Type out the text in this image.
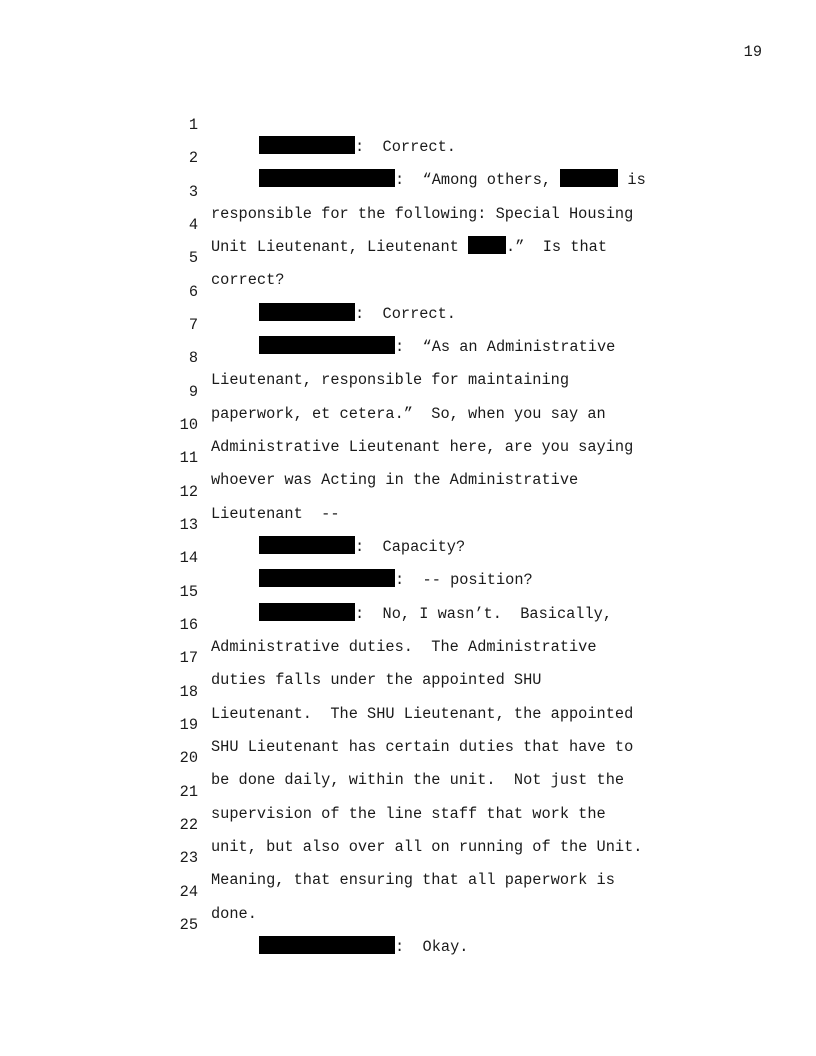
19

1

:  Correct.

2

:  “Among others,	is

3

responsible for the following: Special Housing

4

Unit Lieutenant, Lieutenant .”  Is that

5

correct?

6

:  Correct.

7

:  “As an Administrative

8

Lieutenant, responsible for maintaining

9

paperwork, et cetera.”  So, when you say an

10

Administrative Lieutenant here, are you saying

11

whoever was Acting in the Administrative

12

Lieutenant  --

13

:  Capacity?

14

:  -- position?

15

:  No, I wasn’t.  Basically,

16

Administrative duties.  The Administrative

17

duties falls under the appointed SHU

18

Lieutenant.  The SHU Lieutenant, the appointed

19

SHU Lieutenant has certain duties that have to

20

be done daily, within the unit.  Not just the

21

supervision of the line staff that work the

22

unit, but also over all on running of the Unit.

23

Meaning, that ensuring that all paperwork is

24

done.

25

:  Okay.
